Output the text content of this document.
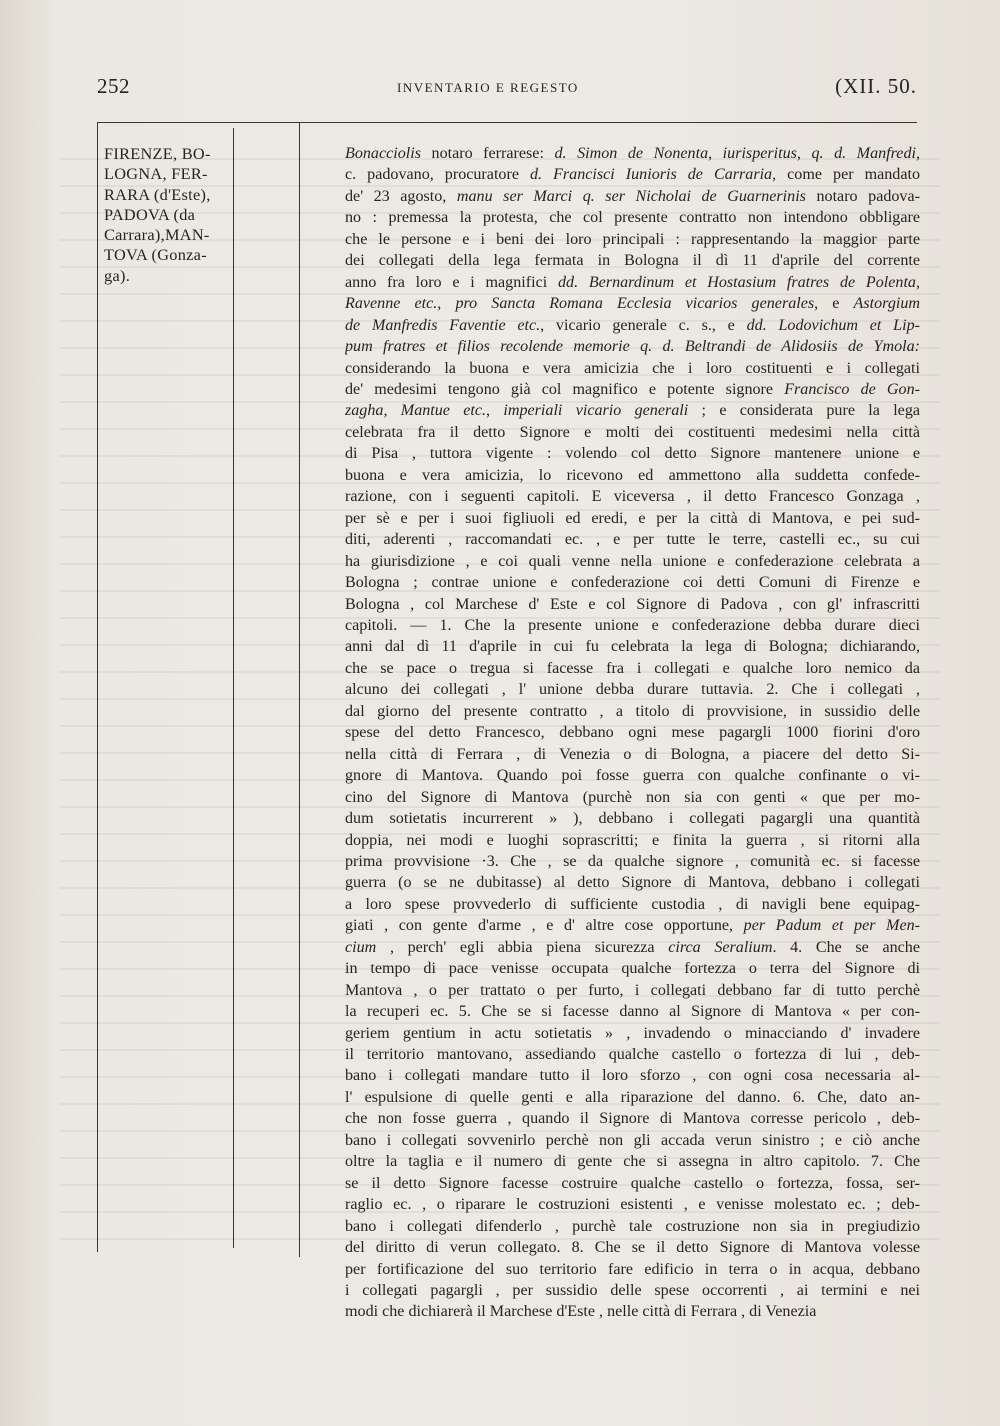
252	INVENTARIO E REGESTO	(XII. 50.
FIRENZE, BO-
LOGNA, FER-
RARA (d'Este),
PADOVA (da
Carrara),MAN-
TOVA (Gonza-
ga).
Bonacciolis notaro ferrarese: d. Simon de Nonenta, iurisperitus, q. d. Manfredi,
c. padovano, procuratore d. Francisci Iunioris de Carraria, come per mandato
de' 23 agosto, manu ser Marci q. ser Nicholai de Guarnerinis notaro padova-
no : premessa la protesta, che col presente contratto non intendono obbligare
che le persone e i beni dei loro principali : rappresentando la maggior parte
dei collegati della lega fermata in Bologna il dì 11 d'aprile del corrente
anno fra loro e i magnifici dd. Bernardinum et Hostasium fratres de Polenta,
Ravenne etc., pro Sancta Romana Ecclesia vicarios generales, e Astorgium
de Manfredis Faventie etc., vicario generale c. s., e dd. Lodovichum et Lip-
pum fratres et filios recolende memorie q. d. Beltrandi de Alidosiis de Ymola:
considerando la buona e vera amicizia che i loro costituenti e i collegati
de' medesimi tengono già col magnifico e potente signore Francisco de Gon-
zagha, Mantue etc., imperiali vicario generali ; e considerata pure la lega
celebrata fra il detto Signore e molti dei costituenti medesimi nella città
di Pisa , tuttora vigente : volendo col detto Signore mantenere unione e
buona e vera amicizia, lo ricevono ed ammettono alla suddetta confede-
razione, con i seguenti capitoli. E viceversa , il detto Francesco Gonzaga ,
per sè e per i suoi figliuoli ed eredi, e per la città di Mantova, e pei sud-
diti, aderenti , raccomandati ec. , e per tutte le terre, castelli ec., su cui
ha giurisdizione , e coi quali venne nella unione e confederazione celebrata a
Bologna ; contrae unione e confederazione coi detti Comuni di Firenze e
Bologna , col Marchese d' Este e col Signore di Padova , con gl' infrascritti
capitoli. — 1. Che la presente unione e confederazione debba durare dieci
anni dal dì 11 d'aprile in cui fu celebrata la lega di Bologna; dichiarando,
che se pace o tregua si facesse fra i collegati e qualche loro nemico da
alcuno dei collegati , l' unione debba durare tuttavia. 2. Che i collegati ,
dal giorno del presente contratto , a titolo di provvisione, in sussidio delle
spese del detto Francesco, debbano ogni mese pagargli 1000 fiorini d'oro
nella città di Ferrara , di Venezia o di Bologna, a piacere del detto Si-
gnore di Mantova. Quando poi fosse guerra con qualche confinante o vi-
cino del Signore di Mantova (purchè non sia con genti « que per mo-
dum sotietatis incurrerent » ), debbano i collegati pagargli una quantità
doppia, nei modi e luoghi soprascritti; e finita la guerra , si ritorni alla
prima provvisione ·3. Che , se da qualche signore , comunità ec. si facesse
guerra (o se ne dubitasse) al detto Signore di Mantova, debbano i collegati
a loro spese provvederlo di sufficiente custodia , di navigli bene equipag-
giati , con gente d'arme , e d' altre cose opportune, per Padum et per Men-
cium , perch' egli abbia piena sicurezza circa Seralium. 4. Che se anche
in tempo di pace venisse occupata qualche fortezza o terra del Signore di
Mantova , o per trattato o per furto, i collegati debbano far di tutto perchè
la recuperi ec. 5. Che se si facesse danno al Signore di Mantova « per con-
geriem gentium in actu sotietatis » , invadendo o minacciando d' invadere
il territorio mantovano, assediando qualche castello o fortezza di lui , deb-
bano i collegati mandare tutto il loro sforzo , con ogni cosa necessaria al-
l' espulsione di quelle genti e alla riparazione del danno. 6. Che, dato an-
che non fosse guerra , quando il Signore di Mantova corresse pericolo , deb-
bano i collegati sovvenirlo perchè non gli accada verun sinistro ; e ciò anche
oltre la taglia e il numero di gente che si assegna in altro capitolo. 7. Che
se il detto Signore facesse costruire qualche castello o fortezza, fossa, ser-
raglio ec. , o riparare le costruzioni esistenti , e venisse molestato ec. ; deb-
bano i collegati difenderlo , purchè tale costruzione non sia in pregiudizio
del diritto di verun collegato. 8. Che se il detto Signore di Mantova volesse
per fortificazione del suo territorio fare edificio in terra o in acqua, debbano
i collegati pagargli , per sussidio delle spese occorrenti , ai termini e nei
modi che dichiarerà il Marchese d'Este , nelle città di Ferrara , di Venezia
